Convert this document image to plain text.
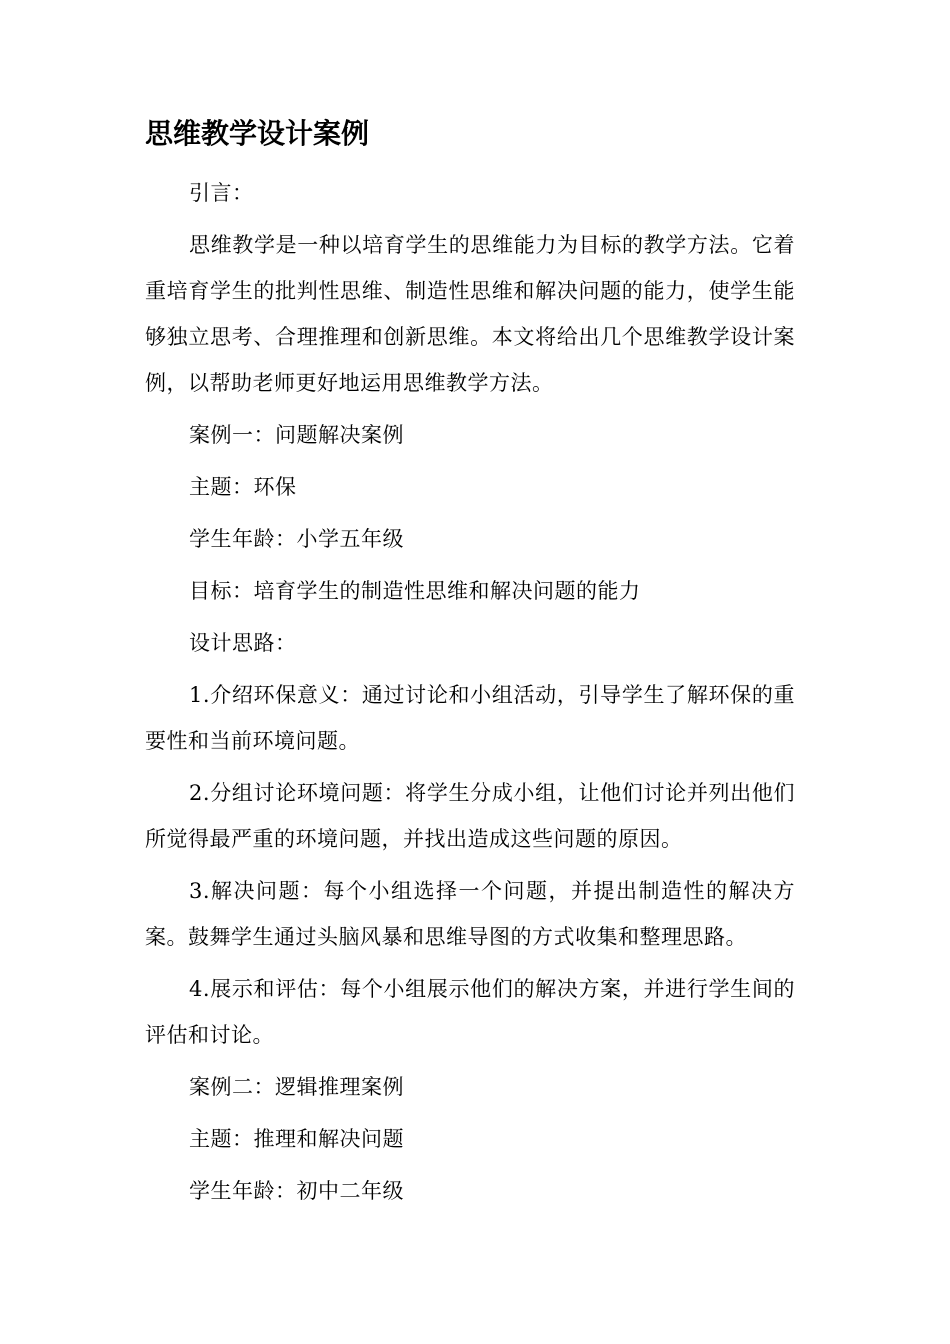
思维教学设计案例

引言：

思维教学是一种以培育学生的思维能力为目标的教学方法。它着重培育学生的批判性思维、制造性思维和解决问题的能力，使学生能够独立思考、合理推理和创新思维。本文将给出几个思维教学设计案例，以帮助老师更好地运用思维教学方法。

案例一：问题解决案例

主题：环保

学生年龄：小学五年级

目标：培育学生的制造性思维和解决问题的能力

设计思路：

1.介绍环保意义：通过讨论和小组活动，引导学生了解环保的重要性和当前环境问题。

2.分组讨论环境问题：将学生分成小组，让他们讨论并列出他们所觉得最严重的环境问题，并找出造成这些问题的原因。

3.解决问题：每个小组选择一个问题，并提出制造性的解决方案。鼓舞学生通过头脑风暴和思维导图的方式收集和整理思路。

4.展示和评估：每个小组展示他们的解决方案，并进行学生间的评估和讨论。

案例二：逻辑推理案例

主题：推理和解决问题

学生年龄：初中二年级
